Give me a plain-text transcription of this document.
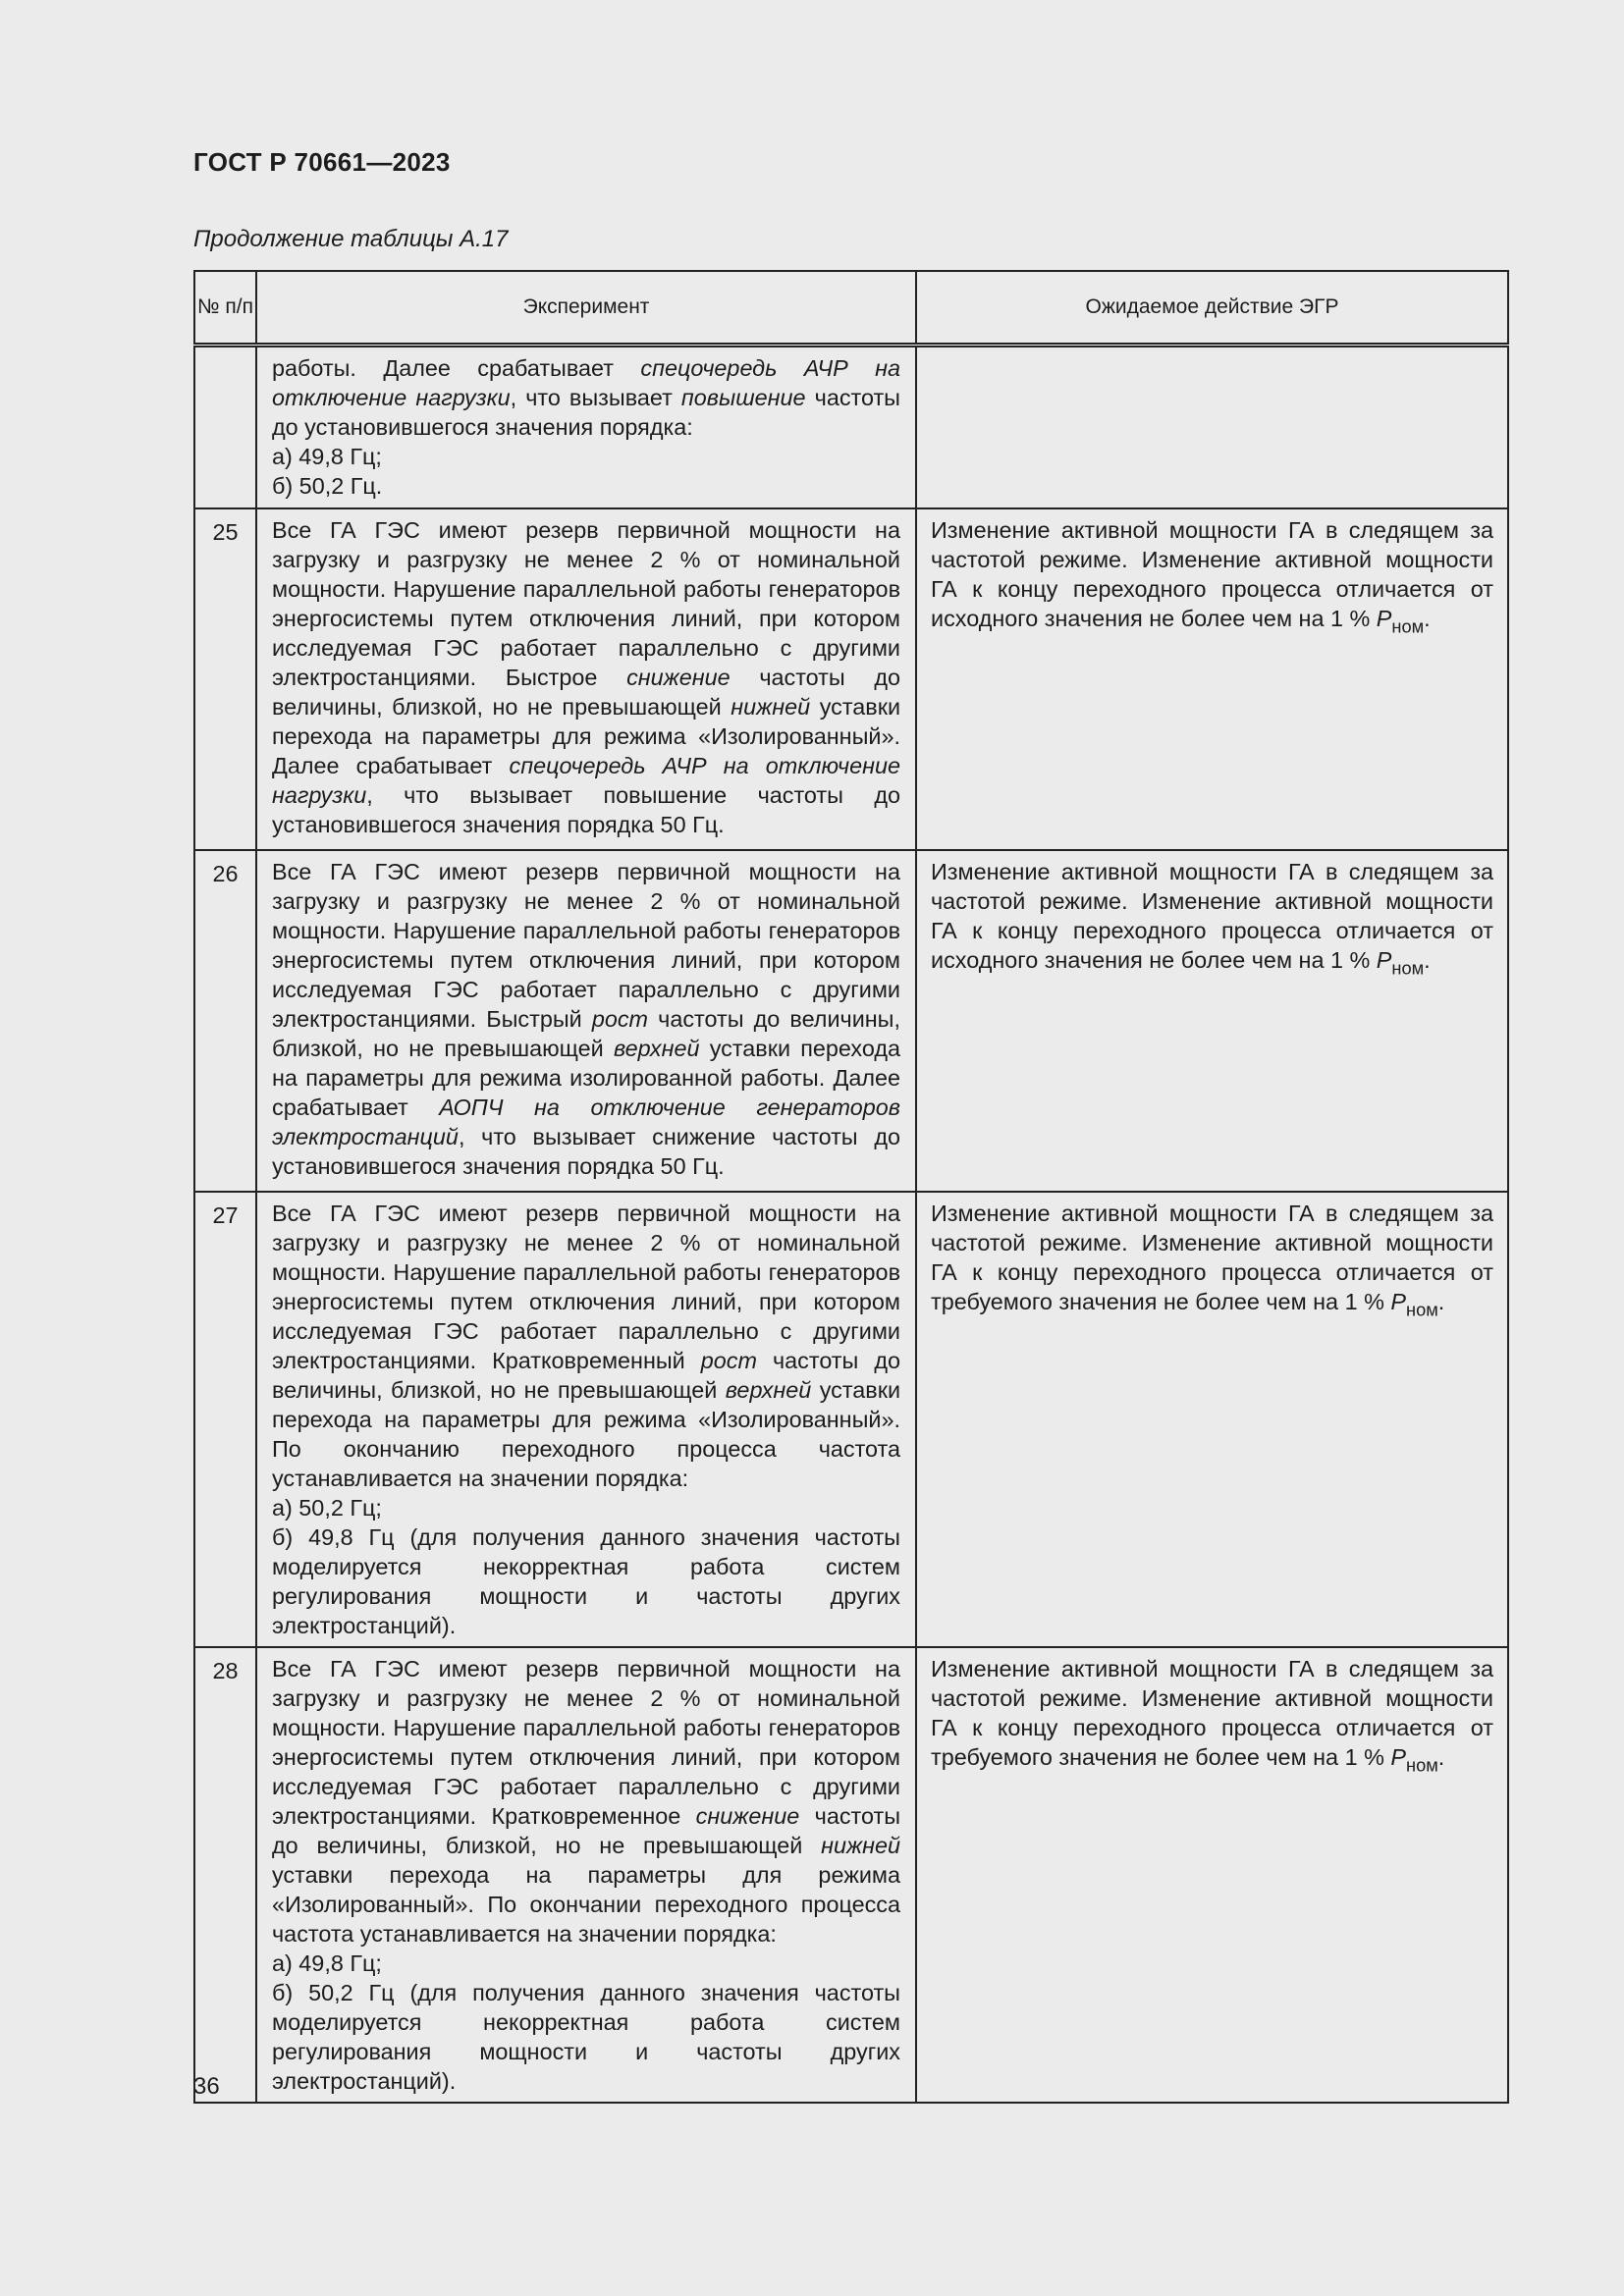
ГОСТ Р 70661—2023
Продолжение таблицы А.17
№ п/п	Эксперимент	Ожидаемое действие ЭГР
	работы. Далее срабатывает спецочередь АЧР на отключение нагрузки, что вызывает повышение частоты до установившегося значения порядка:
а) 49,8 Гц;
б) 50,2 Гц.	
25	Все ГА ГЭС имеют резерв первичной мощности на загрузку и разгрузку не менее 2 % от номинальной мощности. Нарушение параллельной работы генераторов энергосистемы путем отключения линий, при котором исследуемая ГЭС работает параллельно с другими электростанциями. Быстрое снижение частоты до величины, близкой, но не превышающей нижней уставки перехода на параметры для режима «Изолированный». Далее срабатывает спецочередь АЧР на отключение нагрузки, что вызывает повышение частоты до установившегося значения порядка 50 Гц.	Изменение активной мощности ГА в следящем за частотой режиме. Изменение активной мощности ГА к концу переходного процесса отличается от исходного значения не более чем на 1 % $P_{ном}$.
26	Все ГА ГЭС имеют резерв первичной мощности на загрузку и разгрузку не менее 2 % от номинальной мощности. Нарушение параллельной работы генераторов энергосистемы путем отключения линий, при котором исследуемая ГЭС работает параллельно с другими электростанциями. Быстрый рост частоты до величины, близкой, но не превышающей верхней уставки перехода на параметры для режима изолированной работы. Далее срабатывает АОПЧ на отключение генераторов электростанций, что вызывает снижение частоты до установившегося значения порядка 50 Гц.	Изменение активной мощности ГА в следящем за частотой режиме. Изменение активной мощности ГА к концу переходного процесса отличается от исходного значения не более чем на 1 % $P_{ном}$.
27	Все ГА ГЭС имеют резерв первичной мощности на загрузку и разгрузку не менее 2 % от номинальной мощности. Нарушение параллельной работы генераторов энергосистемы путем отключения линий, при котором исследуемая ГЭС работает параллельно с другими электростанциями. Кратковременный рост частоты до величины, близкой, но не превышающей верхней уставки перехода на параметры для режима «Изолированный». По окончанию переходного процесса частота устанавливается на значении порядка:
а) 50,2 Гц;
б) 49,8 Гц (для получения данного значения частоты моделируется некорректная работа систем регулирования мощности и частоты других электростанций).	Изменение активной мощности ГА в следящем за частотой режиме. Изменение активной мощности ГА к концу переходного процесса отличается от требуемого значения не более чем на 1 % $P_{ном}$.
28	Все ГА ГЭС имеют резерв первичной мощности на загрузку и разгрузку не менее 2 % от номинальной мощности. Нарушение параллельной работы генераторов энергосистемы путем отключения линий, при котором исследуемая ГЭС работает параллельно с другими электростанциями. Кратковременное снижение частоты до величины, близкой, но не превышающей нижней уставки перехода на параметры для режима «Изолированный». По окончании переходного процесса частота устанавливается на значении порядка:
а) 49,8 Гц;
б) 50,2 Гц (для получения данного значения частоты моделируется некорректная работа систем регулирования мощности и частоты других электростанций).	Изменение активной мощности ГА в следящем за частотой режиме. Изменение активной мощности ГА к концу переходного процесса отличается от требуемого значения не более чем на 1 % $P_{ном}$.
36
